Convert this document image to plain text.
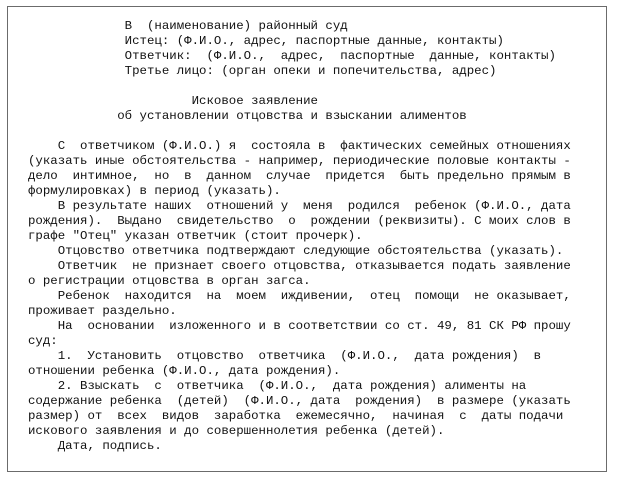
В  (наименование) районный суд
Истец: (Ф.И.О., адрес, паспортные данные, контакты)
Ответчик:  (Ф.И.О.,  адрес,  паспортные  данные, контакты)
Третье лицо: (орган опеки и попечительства, адрес)
Исковое заявление
об установлении отцовства и взыскании алиментов
С  ответчиком (Ф.И.О.) я  состояла в  фактических семейных отношениях
(указать иные обстоятельства - например, периодические половые контакты -
дело  интимное,  но  в  данном  случае  придется  быть предельно прямым в
формулировках) в период (указать).
В результате наших  отношений у  меня  родился  ребенок (Ф.И.О., дата
рождения).  Выдано  свидетельство  о  рождении (реквизиты). С моих слов в
графе "Отец" указан ответчик (стоит прочерк).
Отцовство ответчика подтверждают следующие обстоятельства (указать).
Ответчик  не признает своего отцовства, отказывается подать заявление
о регистрации отцовства в орган загса.
Ребенок  находится  на  моем  иждивении,  отец  помощи  не оказывает,
проживает раздельно.
На  основании  изложенного и в соответствии со ст. 49, 81 СК РФ прошу
суд:
1.  Установить  отцовство  ответчика  (Ф.И.О.,  дата рождения)  в
отношении ребенка (Ф.И.О., дата рождения).
2. Взыскать  с  ответчика  (Ф.И.О.,  дата рождения) алименты на
содержание ребенка  (детей)  (Ф.И.О., дата  рождения)  в размере (указать
размер) от  всех  видов  заработка  ежемесячно,  начиная  с  даты подачи
искового заявления и до совершеннолетия ребенка (детей).
Дата, подпись.
